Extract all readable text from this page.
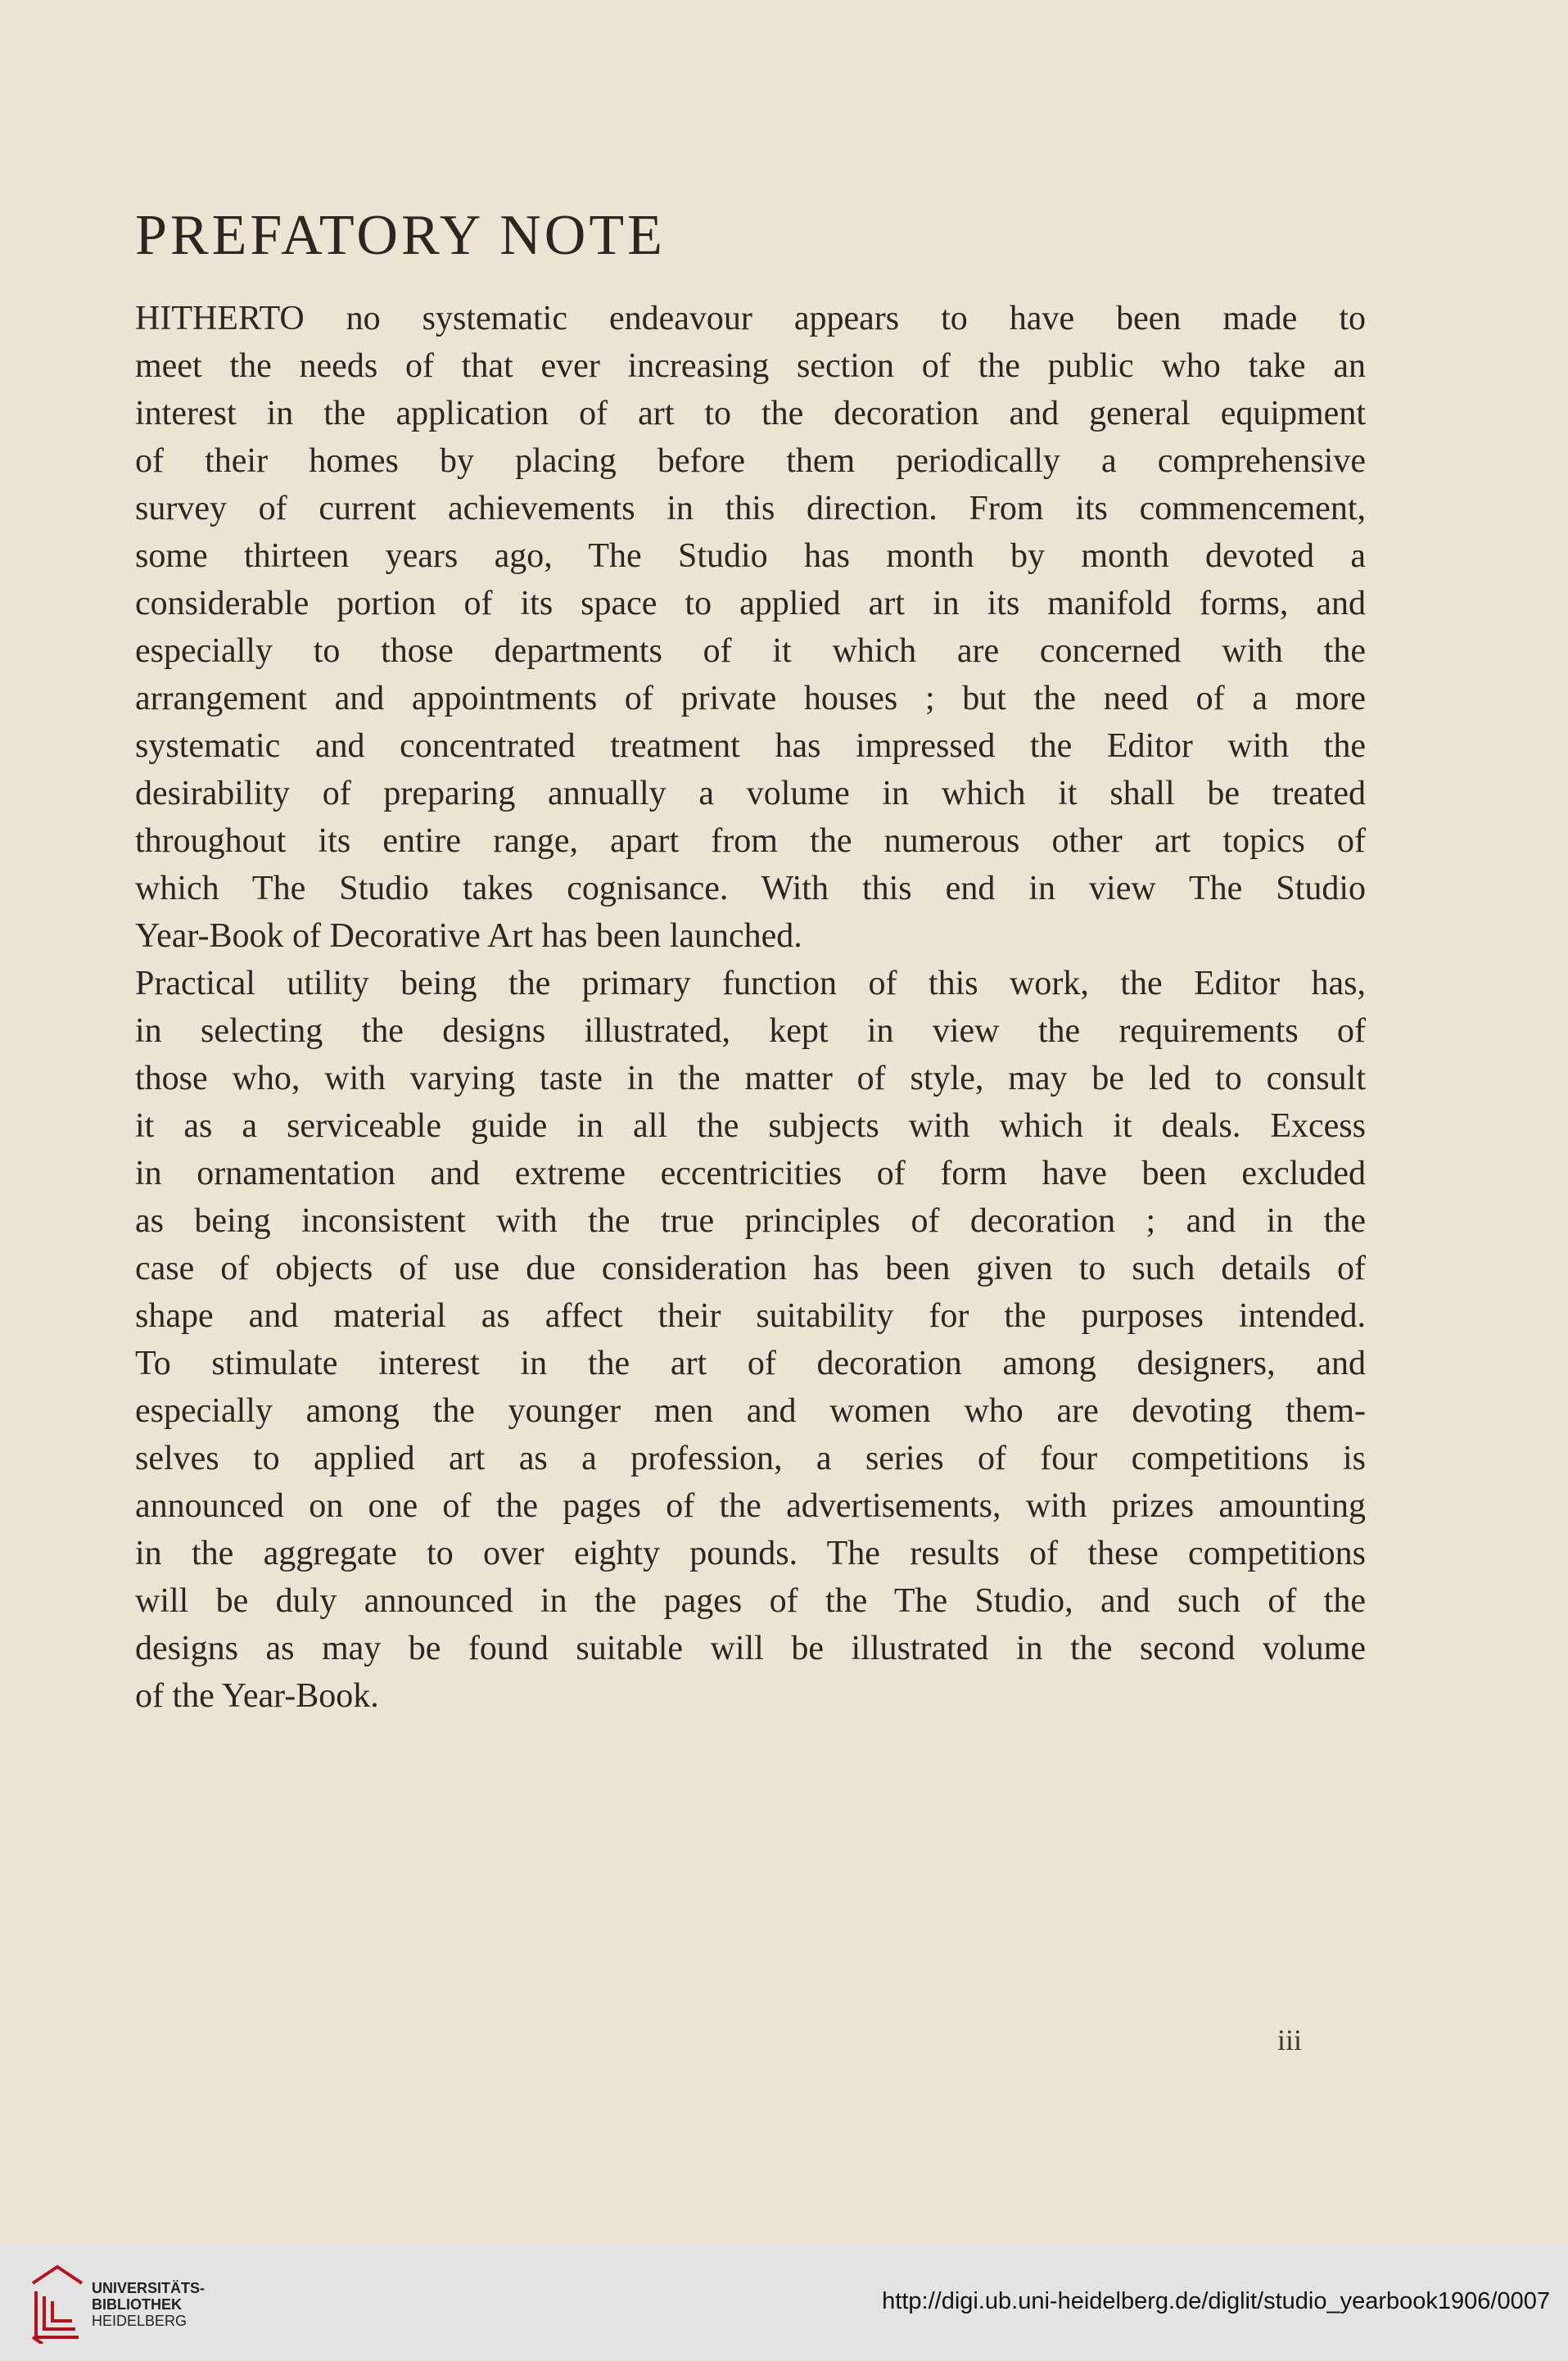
PREFATORY NOTE
HITHERTO no systematic endeavour appears to have been made to
meet the needs of that ever increasing section of the public who take an
interest in the application of art to the decoration and general equipment
of their homes by placing before them periodically a comprehensive
survey of current achievements in this direction. From its commencement,
some thirteen years ago, The Studio has month by month devoted a
considerable portion of its space to applied art in its manifold forms, and
especially to those departments of it which are concerned with the
arrangement and appointments of private houses ; but the need of a more
systematic and concentrated treatment has impressed the Editor with the
desirability of preparing annually a volume in which it shall be treated
throughout its entire range, apart from the numerous other art topics of
which The Studio takes cognisance. With this end in view The Studio
Year-Book of Decorative Art has been launched.
Practical utility being the primary function of this work, the Editor has,
in selecting the designs illustrated, kept in view the requirements of
those who, with varying taste in the matter of style, may be led to consult
it as a serviceable guide in all the subjects with which it deals. Excess
in ornamentation and extreme eccentricities of form have been excluded
as being inconsistent with the true principles of decoration ; and in the
case of objects of use due consideration has been given to such details of
shape and material as affect their suitability for the purposes intended.
To stimulate interest in the art of decoration among designers, and
especially among the younger men and women who are devoting them-
selves to applied art as a profession, a series of four competitions is
announced on one of the pages of the advertisements, with prizes amounting
in the aggregate to over eighty pounds. The results of these competitions
will be duly announced in the pages of the The Studio, and such of the
designs as may be found suitable will be illustrated in the second volume
of the Year-Book.
iii
UNIVERSITÄTS-
BIBLIOTHEK
HEIDELBERG
http://digi.ub.uni-heidelberg.de/diglit/studio_yearbook1906/0007
